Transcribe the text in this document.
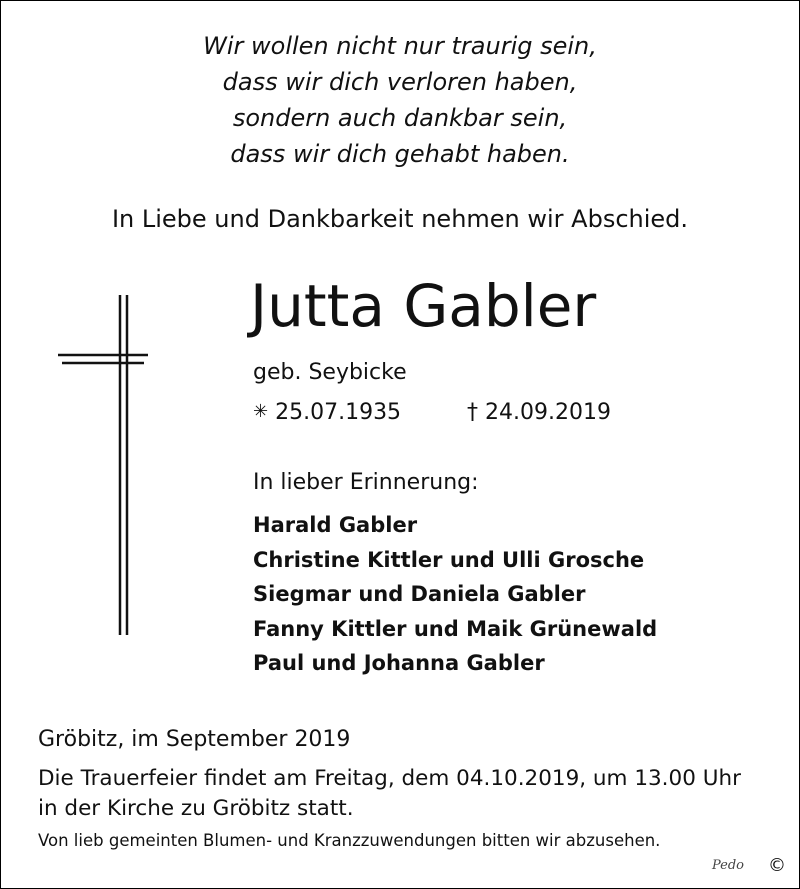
Wir wollen nicht nur traurig sein,
dass wir dich verloren haben,
sondern auch dankbar sein,
dass wir dich gehabt haben.
In Liebe und Dankbarkeit nehmen wir Abschied.
Jutta Gabler
geb. Seybicke
✳ 25.07.1935	† 24.09.2019
In lieber Erinnerung:
Harald Gabler
Christine Kittler und Ulli Grosche
Siegmar und Daniela Gabler
Fanny Kittler und Maik Grünewald
Paul und Johanna Gabler
Gröbitz, im September 2019
Die Trauerfeier findet am Freitag, dem 04.10.2019, um 13.00 Uhr
in der Kirche zu Gröbitz statt.
Von lieb gemeinten Blumen- und Kranzzuwendungen bitten wir abzusehen.
Pedo ©
